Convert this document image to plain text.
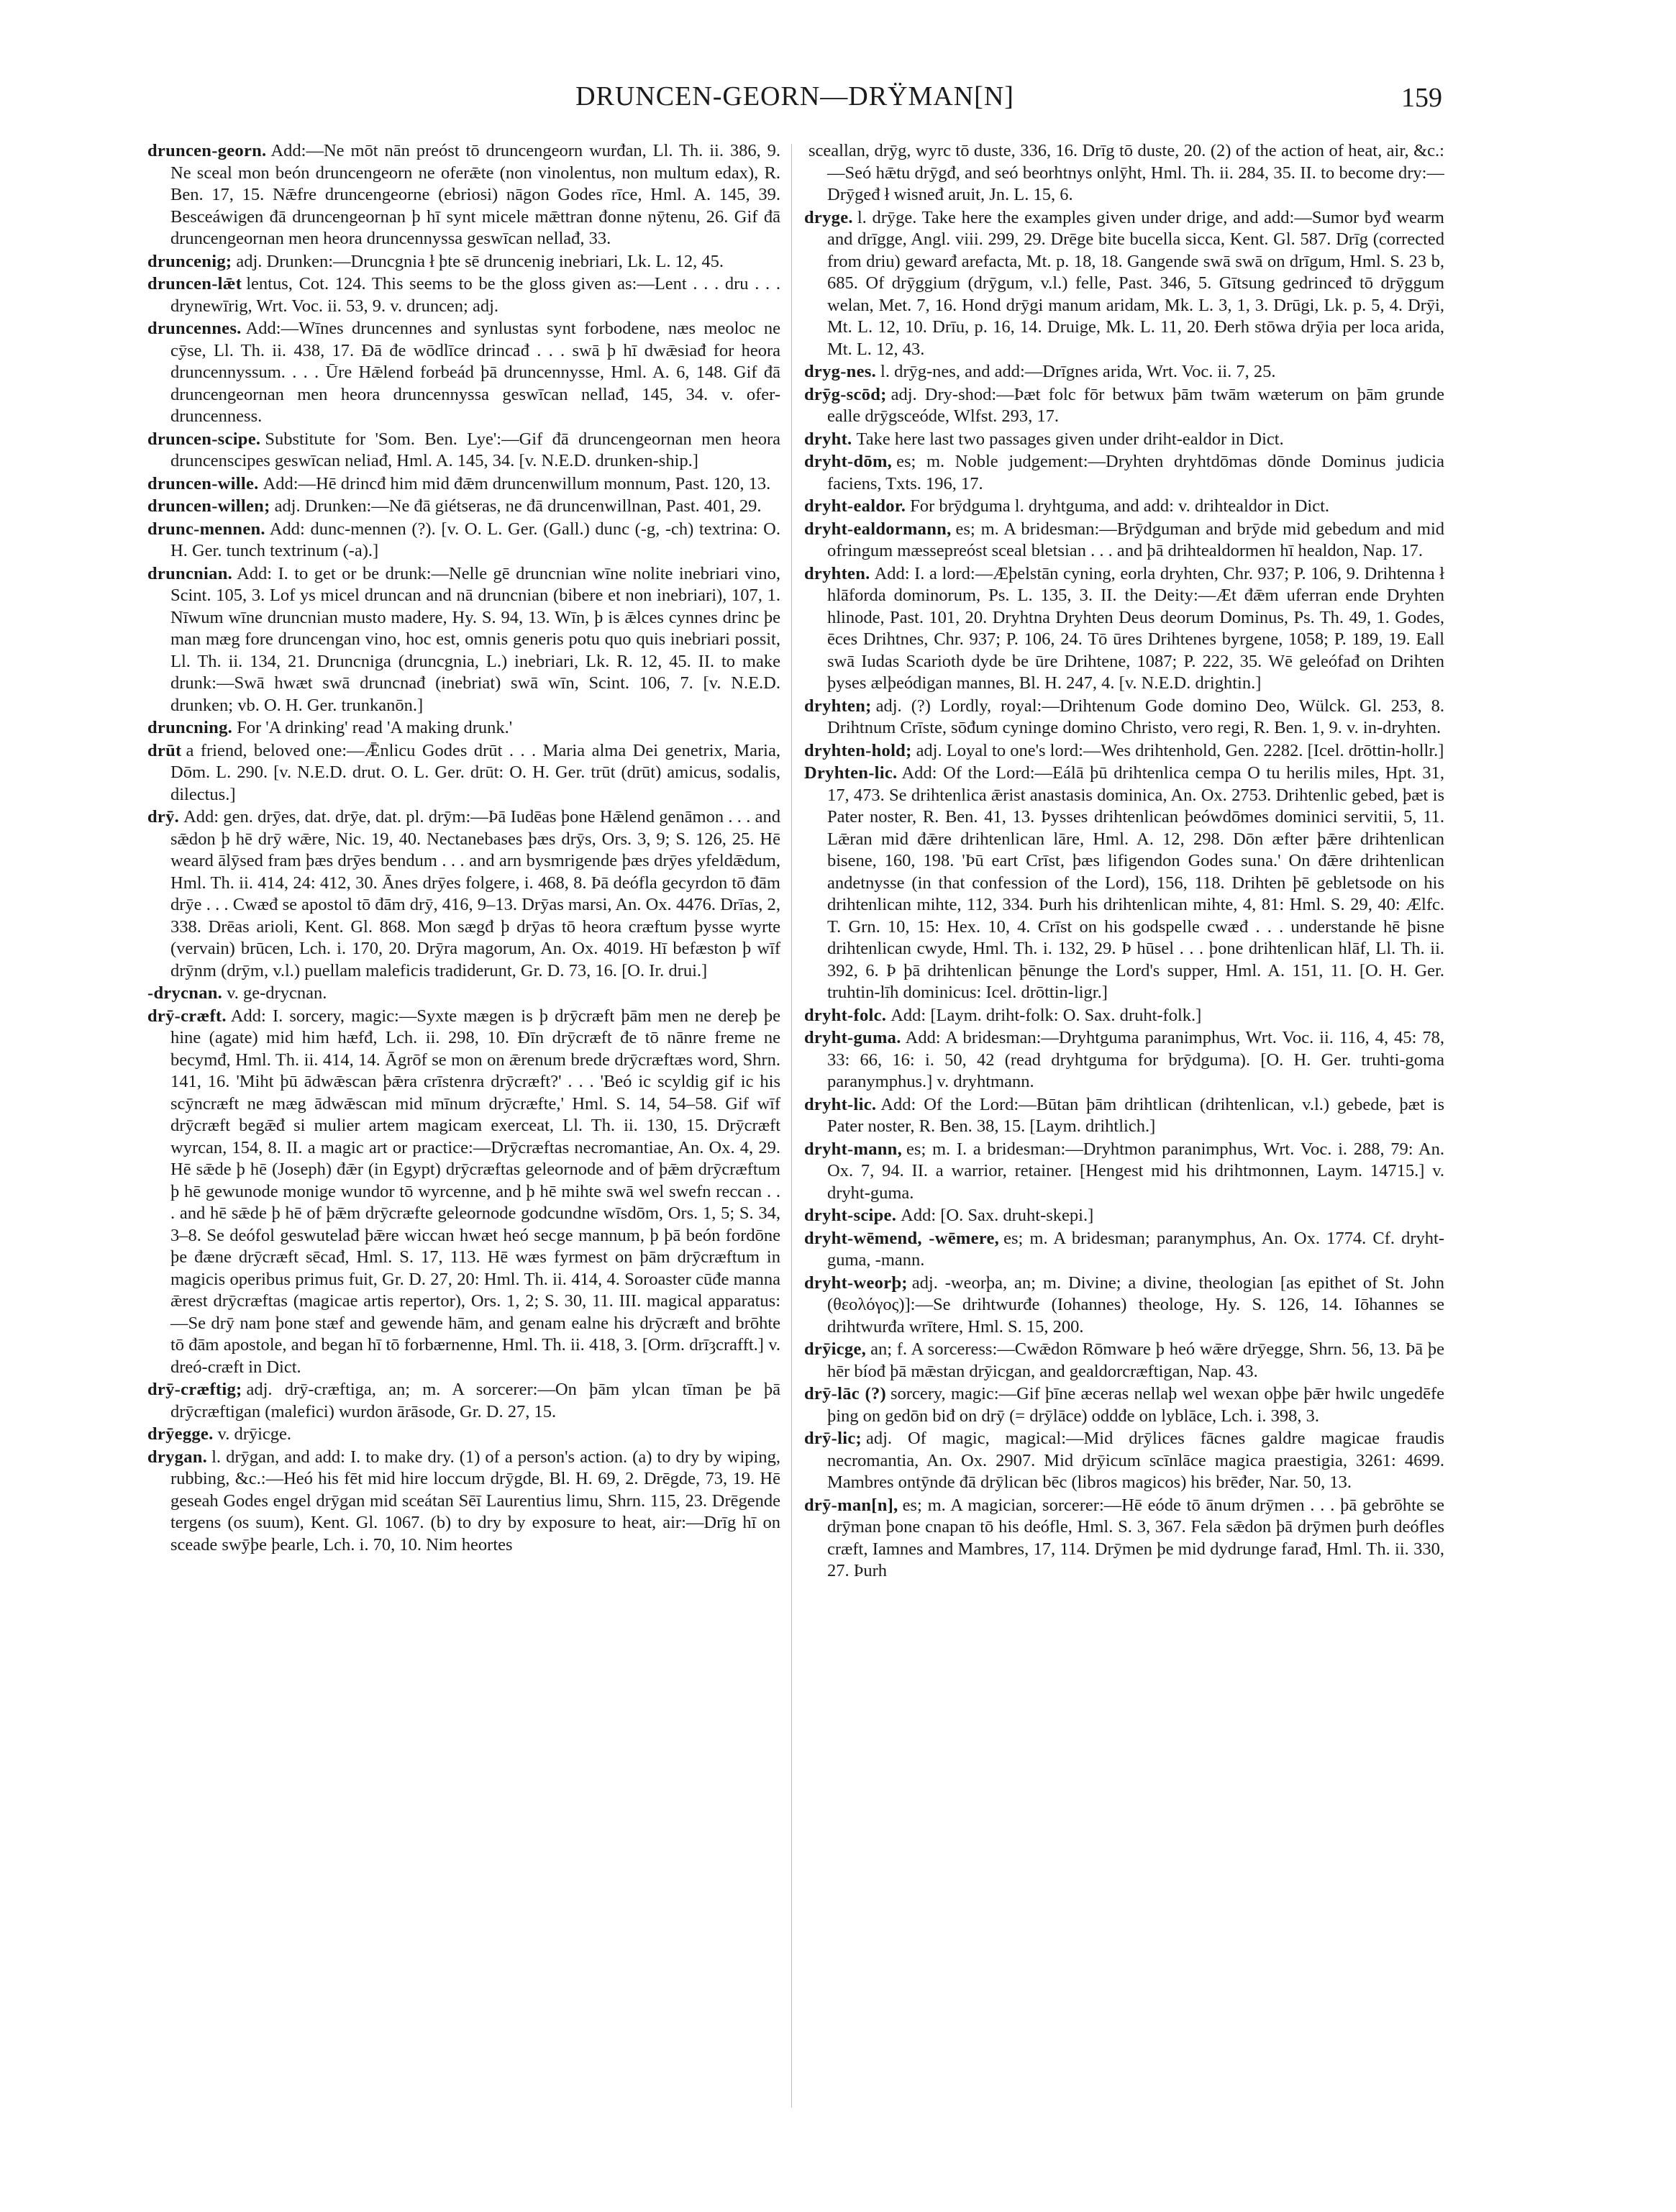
DRUNCEN-GEORN—DRŸMAN[N]	159

druncen-georn. Add:—Ne mōt nān preóst tō druncengeorn wurđan, Ll. Th. ii. 386, 9. Ne sceal mon beón druncengeorn ne oferǣte (non vinolentus, non multum edax), R. Ben. 17, 15. Nǣfre druncengeorne (ebriosi) nāgon Godes rīce, Hml. A. 145, 39. Besceáwigen đā druncengeornan þ hī synt micele mǣttran đonne nȳtenu, 26. Gif đā druncengeornan men heora druncennyssa geswīcan nellađ, 33.

druncenig; adj. Drunken:—Druncgnia ł þte sē druncenig inebriari, Lk. L. 12, 45.

druncen-lǣt lentus, Cot. 124. This seems to be the gloss given as:—Lent . . . dru . . . drynewīrig, Wrt. Voc. ii. 53, 9. v. druncen; adj.

druncennes. Add:—Wīnes druncennes and synlustas synt forbodene, næs meoloc ne cȳse, Ll. Th. ii. 438, 17. Đā đe wōdlīce drincađ . . . swā þ hī dwǣsiađ for heora druncennyssum. . . . Ūre Hǣlend forbeád þā druncennysse, Hml. A. 6, 148. Gif đā druncengeornan men heora druncennyssa geswīcan nellađ, 145, 34. v. ofer-druncenness.

druncen-scipe. Substitute for 'Som. Ben. Lye':—Gif đā druncengeornan men heora druncenscipes geswīcan neliađ, Hml. A. 145, 34. [v. N.E.D. drunken-ship.]

druncen-wille. Add:—Hē drincđ him mid đǣm druncenwillum monnum, Past. 120, 13.

druncen-willen; adj. Drunken:—Ne đā giétseras, ne đā druncenwillnan, Past. 401, 29.

drunc-mennen. Add: dunc-mennen (?). [v. O. L. Ger. (Gall.) dunc (-g, -ch) textrina: O. H. Ger. tunch textrinum (-a).]

druncnian. Add: I. to get or be drunk:—Nelle gē druncnian wīne nolite inebriari vino, Scint. 105, 3. Lof ys micel druncan and nā druncnian (bibere et non inebriari), 107, 1. Nīwum wīne druncnian musto madere, Hy. S. 94, 13. Wīn, þ is ǣlces cynnes drinc þe man mæg fore druncengan vino, hoc est, omnis generis potu quo quis inebriari possit, Ll. Th. ii. 134, 21. Druncniga (druncgnia, L.) inebriari, Lk. R. 12, 45. II. to make drunk:—Swā hwæt swā druncnađ (inebriat) swā wīn, Scint. 106, 7. [v. N.E.D. drunken; vb. O. H. Ger. trunkanōn.]

druncning. For 'A drinking' read 'A making drunk.'

drūt a friend, beloved one:—Ǣnlicu Godes drūt . . . Maria alma Dei genetrix, Maria, Dōm. L. 290. [v. N.E.D. drut. O. L. Ger. drūt: O. H. Ger. trūt (drūt) amicus, sodalis, dilectus.]

drȳ. Add: gen. drȳes, dat. drȳe, dat. pl. drȳm:—Þā Iudēas þone Hǣlend genāmon . . . and sǣdon þ hē drȳ wǣre, Nic. 19, 40. Nectanebases þæs drȳs, Ors. 3, 9; S. 126, 25. Hē weard ālȳsed fram þæs drȳes bendum . . . and arn bysmrigende þæs drȳes yfeldǣdum, Hml. Th. ii. 414, 24: 412, 30. Ānes drȳes folgere, i. 468, 8. Þā deófla gecyrdon tō đām drȳe . . . Cwæđ se apostol tō đām drȳ, 416, 9–13. Drȳas marsi, An. Ox. 4476. Drīas, 2, 338. Drēas arioli, Kent. Gl. 868. Mon sægđ þ drȳas tō heora cræftum þysse wyrte (vervain) brūcen, Lch. i. 170, 20. Drȳra magorum, An. Ox. 4019. Hī befæston þ wīf drȳnm (drȳm, v.l.) puellam maleficis tradiderunt, Gr. D. 73, 16. [O. Ir. drui.]

-drycnan. v. ge-drycnan.

drȳ-cræft. Add: I. sorcery, magic:—Syxte mægen is þ drȳcræft þām men ne dereþ þe hine (agate) mid him hæfđ, Lch. ii. 298, 10. Đīn drȳcræft đe tō nānre freme ne becymđ, Hml. Th. ii. 414, 14. Āgrōf se mon on ǣrenum brede drȳcræftæs word, Shrn. 141, 16. 'Miht þū ādwǣscan þǣra crīstenra drȳcræft?' . . . 'Beó ic scyldig gif ic his scȳncræft ne mæg ādwǣscan mid mīnum drȳcræfte,' Hml. S. 14, 54–58. Gif wīf drȳcræft begǣđ si mulier artem magicam exerceat, Ll. Th. ii. 130, 15. Drȳcræft wyrcan, 154, 8. II. a magic art or practice:—Drȳcræftas necromantiae, An. Ox. 4, 29. Hē sǣde þ hē (Joseph) đǣr (in Egypt) drȳcræftas geleornode and of þǣm drȳcræftum þ hē gewunode monige wundor tō wyrcenne, and þ hē mihte swā wel swefn reccan . . . and hē sǣde þ hē of þǣm drȳcræfte geleornode godcundne wīsdōm, Ors. 1, 5; S. 34, 3–8. Se deófol geswutelađ þǣre wiccan hwæt heó secge mannum, þ þā beón fordōne þe đæne drȳcræft sēcađ, Hml. S. 17, 113. Hē wæs fyrmest on þām drȳcræftum in magicis operibus primus fuit, Gr. D. 27, 20: Hml. Th. ii. 414, 4. Soroaster cūđe manna ǣrest drȳcræftas (magicae artis repertor), Ors. 1, 2; S. 30, 11. III. magical apparatus:—Se drȳ nam þone stæf and gewende hām, and genam ealne his drȳcræft and brōhte tō đām apostole, and began hī tō forbærnenne, Hml. Th. ii. 418, 3. [Orm. drīȝcrafft.] v. dreó-cræft in Dict.

drȳ-cræftig; adj. drȳ-cræftiga, an; m. A sorcerer:—On þām ylcan tīman þe þā drȳcræftigan (malefici) wurdon ārāsode, Gr. D. 27, 15.

drȳegge. v. drȳicge.

drygan. l. drȳgan, and add: I. to make dry. (1) of a person's action. (a) to dry by wiping, rubbing, &c.:—Heó his fēt mid hire loccum drȳgde, Bl. H. 69, 2. Drēgde, 73, 19. Hē geseah Godes engel drȳgan mid sceátan Sēī Laurentius limu, Shrn. 115, 23. Drēgende tergens (os suum), Kent. Gl. 1067. (b) to dry by exposure to heat, air:—Drīg hī on sceade swȳþe þearle, Lch. i. 70, 10. Nim heortes

sceallan, drȳg, wyrc tō duste, 336, 16. Drīg tō duste, 20. (2) of the action of heat, air, &c.:—Seó hǣtu drȳgđ, and seó beorhtnys onlȳht, Hml. Th. ii. 284, 35. II. to become dry:—Drȳgeđ ł wisneđ aruit, Jn. L. 15, 6.

dryge. l. drȳge. Take here the examples given under drige, and add:—Sumor byđ wearm and drīgge, Angl. viii. 299, 29. Drēge bite bucella sicca, Kent. Gl. 587. Drīg (corrected from driu) gewarđ arefacta, Mt. p. 18, 18. Gangende swā swā on drīgum, Hml. S. 23 b, 685. Of drȳggium (drȳgum, v.l.) felle, Past. 346, 5. Gītsung gedrinceđ tō drȳggum welan, Met. 7, 16. Hond drȳgi manum aridam, Mk. L. 3, 1, 3. Drūgi, Lk. p. 5, 4. Drȳi, Mt. L. 12, 10. Drīu, p. 16, 14. Druige, Mk. L. 11, 20. Đerh stōwa drȳia per loca arida, Mt. L. 12, 43.

dryg-nes. l. drȳg-nes, and add:—Drīgnes arida, Wrt. Voc. ii. 7, 25.

drȳg-scōd; adj. Dry-shod:—Þæt folc fōr betwux þām twām wæterum on þām grunde ealle drȳgsceóde, Wlfst. 293, 17.

dryht. Take here last two passages given under driht-ealdor in Dict.

dryht-dōm, es; m. Noble judgement:—Dryhten dryhtdōmas dōnde Dominus judicia faciens, Txts. 196, 17.

dryht-ealdor. For brȳdguma l. dryhtguma, and add: v. drihtealdor in Dict.

dryht-ealdormann, es; m. A bridesman:—Brȳdguman and brȳde mid gebedum and mid ofringum mæssepreóst sceal bletsian . . . and þā drihtealdormen hī healdon, Nap. 17.

dryhten. Add: I. a lord:—Æþelstān cyning, eorla dryhten, Chr. 937; P. 106, 9. Drihtenna ł hlāforda dominorum, Ps. L. 135, 3. II. the Deity:—Æt đǣm uferran ende Dryhten hlinode, Past. 101, 20. Dryhtna Dryhten Deus deorum Dominus, Ps. Th. 49, 1. Godes, ēces Drihtnes, Chr. 937; P. 106, 24. Tō ūres Drihtenes byrgene, 1058; P. 189, 19. Eall swā Iudas Scarioth dyde be ūre Drihtene, 1087; P. 222, 35. Wē geleófađ on Drihten þyses ælþeódigan mannes, Bl. H. 247, 4. [v. N.E.D. drightin.]

dryhten; adj. (?) Lordly, royal:—Drihtenum Gode domino Deo, Wülck. Gl. 253, 8. Drihtnum Crīste, sōđum cyninge domino Christo, vero regi, R. Ben. 1, 9. v. in-dryhten.

dryhten-hold; adj. Loyal to one's lord:—Wes drihtenhold, Gen. 2282. [Icel. drōttin-hollr.]

Dryhten-lic. Add: Of the Lord:—Eálā þū drihtenlica cempa O tu herilis miles, Hpt. 31, 17, 473. Se drihtenlica ǣrist anastasis dominica, An. Ox. 2753. Drihtenlic gebed, þæt is Pater noster, R. Ben. 41, 13. Þysses drihtenlican þeówdōmes dominici servitii, 5, 11. Lǣran mid đǣre drihtenlican lāre, Hml. A. 12, 298. Dōn æfter þǣre drihtenlican bisene, 160, 198. 'Þū eart Crīst, þæs lifigendon Godes suna.' On đǣre drihtenlican andetnysse (in that confession of the Lord), 156, 118. Drihten þē gebletsode on his drihtenlican mihte, 112, 334. Þurh his drihtenlican mihte, 4, 81: Hml. S. 29, 40: Ælfc. T. Grn. 10, 15: Hex. 10, 4. Crīst on his godspelle cwæđ . . . understande hē þisne drihtenlican cwyde, Hml. Th. i. 132, 29. Þ hūsel . . . þone drihtenlican hlāf, Ll. Th. ii. 392, 6. Þ þā drihtenlican þēnunge the Lord's supper, Hml. A. 151, 11. [O. H. Ger. truhtin-līh dominicus: Icel. drōttin-ligr.]

dryht-folc. Add: [Laym. driht-folk: O. Sax. druht-folk.]

dryht-guma. Add: A bridesman:—Dryhtguma paranimphus, Wrt. Voc. ii. 116, 4, 45: 78, 33: 66, 16: i. 50, 42 (read dryhtguma for brȳdguma). [O. H. Ger. truhti-goma paranymphus.] v. dryhtmann.

dryht-lic. Add: Of the Lord:—Būtan þām drihtlican (drihtenlican, v.l.) gebede, þæt is Pater noster, R. Ben. 38, 15. [Laym. drihtlich.]

dryht-mann, es; m. I. a bridesman:—Dryhtmon paranimphus, Wrt. Voc. i. 288, 79: An. Ox. 7, 94. II. a warrior, retainer. [Hengest mid his drihtmonnen, Laym. 14715.] v. dryht-guma.

dryht-scipe. Add: [O. Sax. druht-skepi.]

dryht-wēmend, -wēmere, es; m. A bridesman; paranymphus, An. Ox. 1774. Cf. dryht-guma, -mann.

dryht-weorþ; adj. -weorþa, an; m. Divine; a divine, theologian [as epithet of St. John (θεολόγος)]:—Se drihtwurđe (Iohannes) theologe, Hy. S. 126, 14. Iōhannes se drihtwurđa wrītere, Hml. S. 15, 200.

drȳicge, an; f. A sorceress:—Cwǣdon Rōmware þ heó wǣre drȳegge, Shrn. 56, 13. Þā þe hēr bíođ þā mǣstan drȳicgan, and gealdorcræftigan, Nap. 43.

drȳ-lāc (?) sorcery, magic:—Gif þīne æceras nellaþ wel wexan oþþe þǣr hwilc ungedēfe þing on gedōn biđ on drȳ (= drȳlāce) oddđe on lyblāce, Lch. i. 398, 3.

drȳ-lic; adj. Of magic, magical:—Mid drȳlices fācnes galdre magicae fraudis necromantia, An. Ox. 2907. Mid drȳicum scīnlāce magica praestigia, 3261: 4699. Mambres ontȳnde đā drȳlican bēc (libros magicos) his brēđer, Nar. 50, 13.

drȳ-man[n], es; m. A magician, sorcerer:—Hē eóde tō ānum drȳmen . . . þā gebrōhte se drȳman þone cnapan tō his deófle, Hml. S. 3, 367. Fela sǣdon þā drȳmen þurh deófles cræft, Iamnes and Mambres, 17, 114. Drȳmen þe mid dydrunge farađ, Hml. Th. ii. 330, 27. Þurh
